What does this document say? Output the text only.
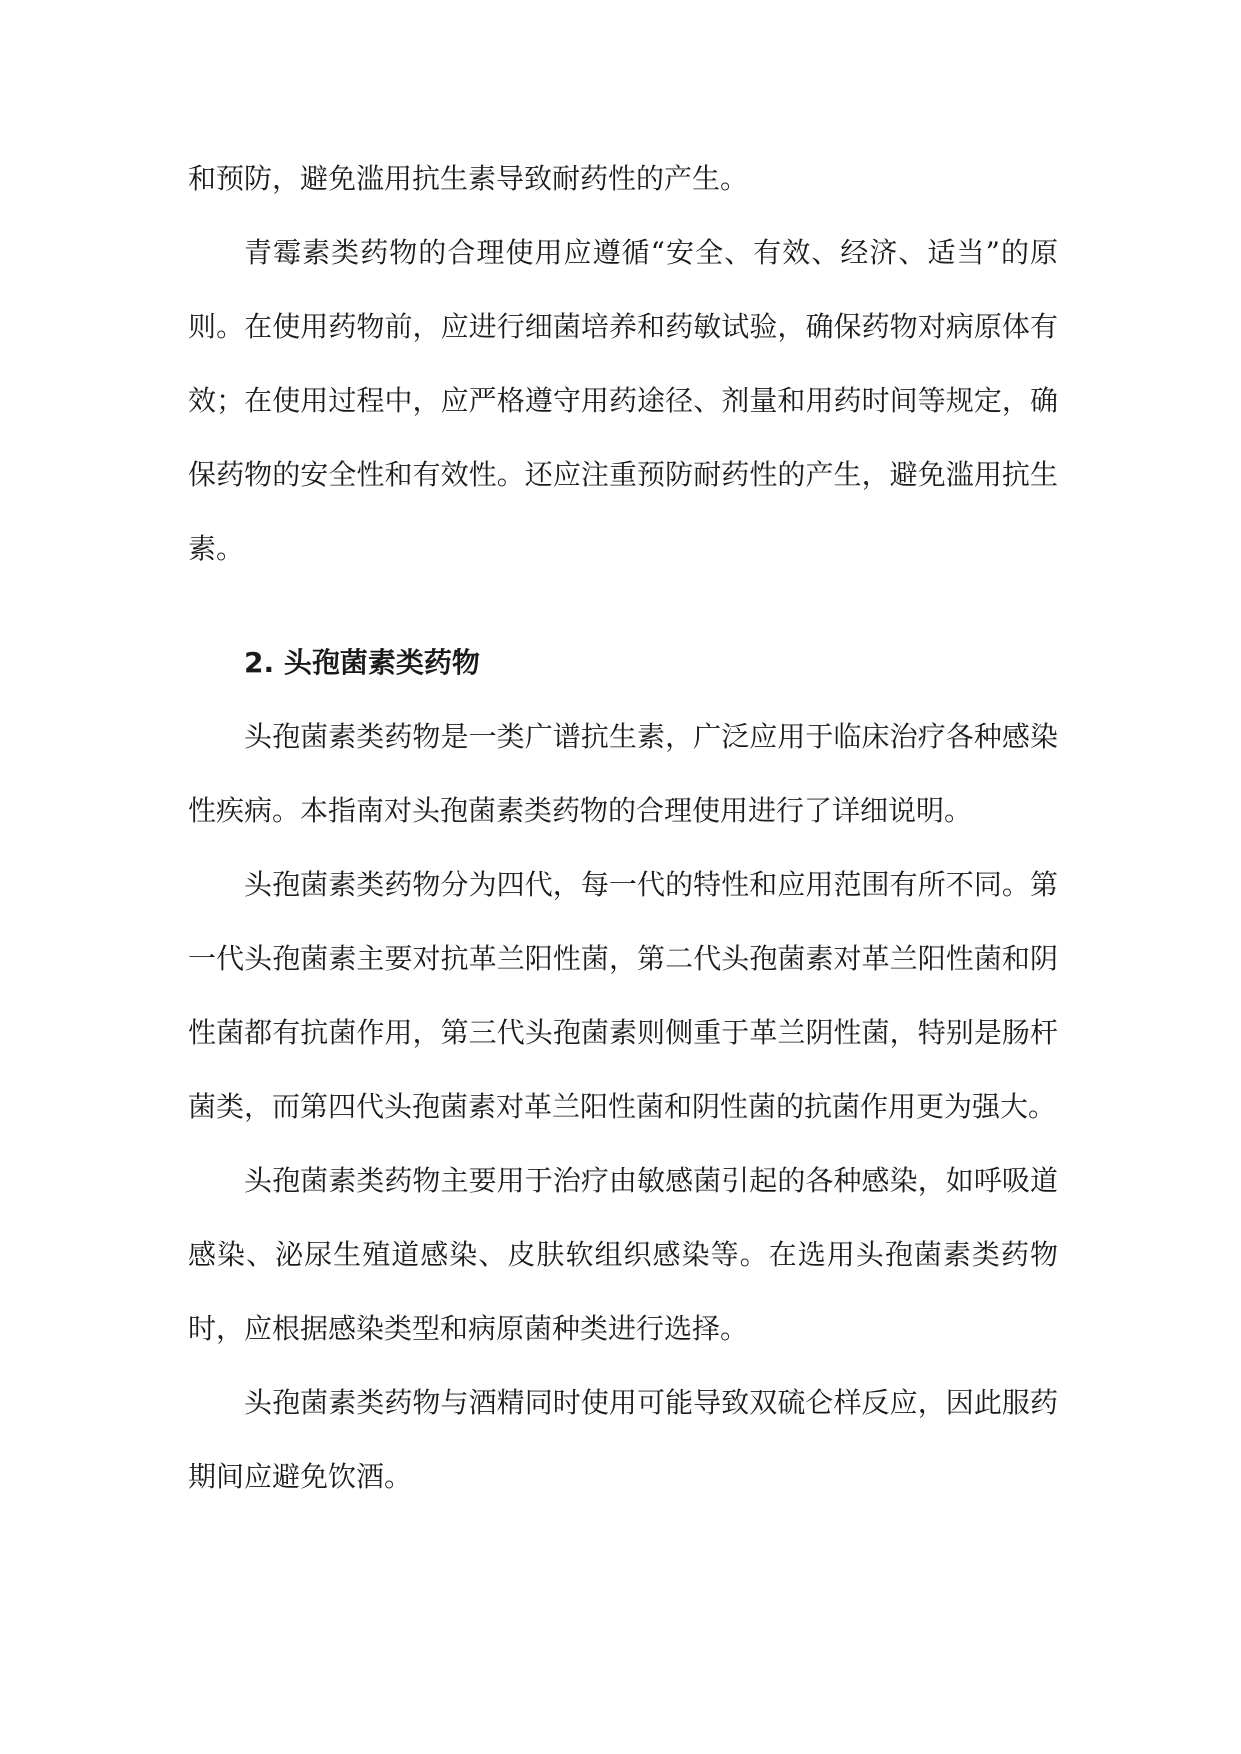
和预防，避免滥用抗生素导致耐药性的产生。

青霉素类药物的合理使用应遵循“安全、有效、经济、适当”的原则。在使用药物前，应进行细菌培养和药敏试验，确保药物对病原体有效；在使用过程中，应严格遵守用药途径、剂量和用药时间等规定，确保药物的安全性和有效性。还应注重预防耐药性的产生，避免滥用抗生素。

2. 头孢菌素类药物

头孢菌素类药物是一类广谱抗生素，广泛应用于临床治疗各种感染性疾病。本指南对头孢菌素类药物的合理使用进行了详细说明。

头孢菌素类药物分为四代，每一代的特性和应用范围有所不同。第一代头孢菌素主要对抗革兰阳性菌，第二代头孢菌素对革兰阳性菌和阴性菌都有抗菌作用，第三代头孢菌素则侧重于革兰阴性菌，特别是肠杆菌类，而第四代头孢菌素对革兰阳性菌和阴性菌的抗菌作用更为强大。

头孢菌素类药物主要用于治疗由敏感菌引起的各种感染，如呼吸道感染、泌尿生殖道感染、皮肤软组织感染等。在选用头孢菌素类药物时，应根据感染类型和病原菌种类进行选择。

头孢菌素类药物与酒精同时使用可能导致双硫仑样反应，因此服药期间应避免饮酒。
